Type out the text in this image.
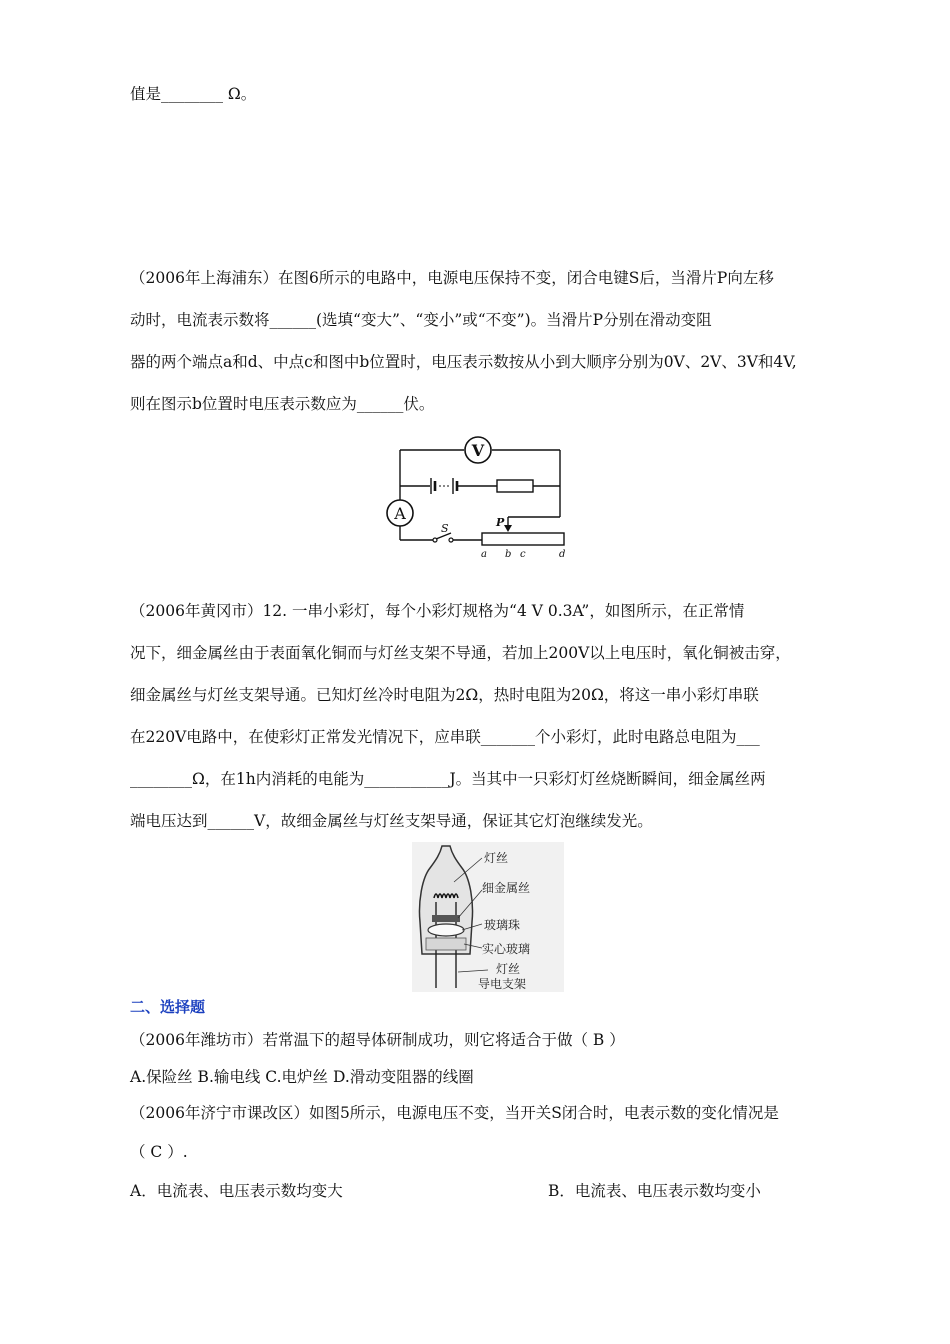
值是________ Ω。
（2006年上海浦东）在图6所示的电路中，电源电压保持不变，闭合电键S后，当滑片P向左移
动时，电流表示数将______(选填“变大”、“变小”或“不变”)。当滑片P分别在滑动变阻
器的两个端点a和d、中点c和图中b位置时，电压表示数按从小到大顺序分别为0V、2V、3V和4V,
则在图示b位置时电压表示数应为______伏。
V
A
S	P
a b c	d
（2006年黄冈市）12. 一串小彩灯，每个小彩灯规格为“4 V 0.3A”，如图所示，在正常情
况下，细金属丝由于表面氧化铜而与灯丝支架不导通，若加上200V以上电压时，氧化铜被击穿，
细金属丝与灯丝支架导通。已知灯丝冷时电阻为2Ω，热时电阻为20Ω，将这一串小彩灯串联
在220V电路中，在使彩灯正常发光情况下，应串联_______个小彩灯，此时电路总电阻为___
________Ω，在1h内消耗的电能为___________J。当其中一只彩灯灯丝烧断瞬间，细金属丝两
端电压达到______V，故细金属丝与灯丝支架导通，保证其它灯泡继续发光。
灯丝
细金属丝
玻璃珠
实心玻璃
灯丝
导电支架
二、选择题
（2006年潍坊市）若常温下的超导体研制成功，则它将适合于做（ B ）
A.保险丝 B.输电线 C.电炉丝 D.滑动变阻器的线圈
（2006年济宁市课改区）如图5所示，电源电压不变，当开关S闭合时，电表示数的变化情况是
（ C ）.
A．电流表、电压表示数均变大	B．电流表、电压表示数均变小
